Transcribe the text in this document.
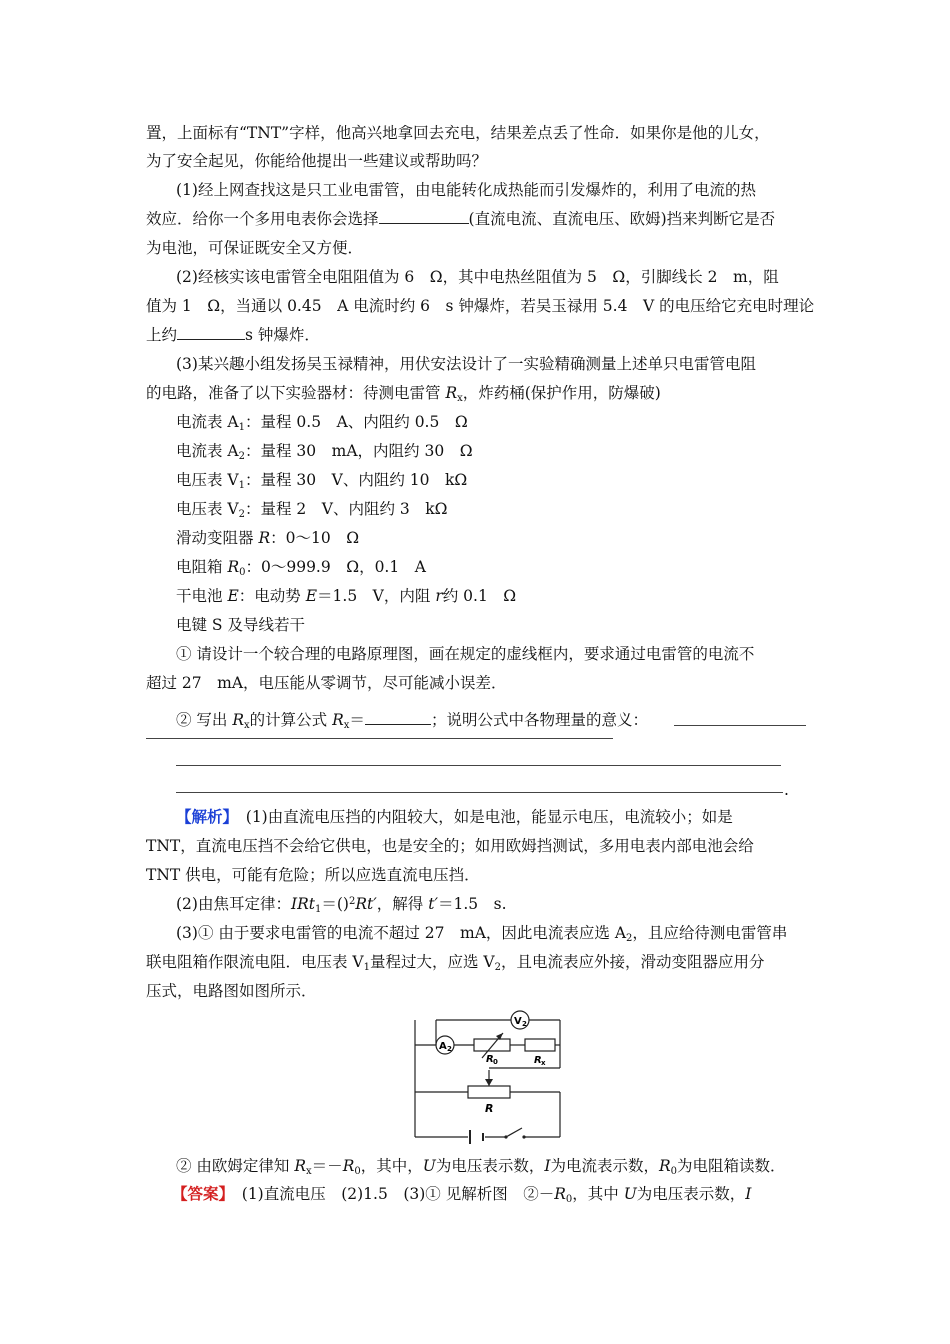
置，上面标有“TNT”字样，他高兴地拿回去充电，结果差点丢了性命．如果你是他的儿女，
为了安全起见，你能给他提出一些建议或帮助吗？
(1)经上网查找这是只工业电雷管，由电能转化成热能而引发爆炸的，利用了电流的热
效应．给你一个多用电表你会选择	(直流电流、直流电压、欧姆)挡来判断它是否
为电池，可保证既安全又方便．
(2)经核实该电雷管全电阻阻值为 6　Ω，其中电热丝阻值为 5　Ω，引脚线长 2　m，阻
值为 1　Ω，当通以 0.45　A 电流时约 6　s 钟爆炸，若吴玉禄用 5.4　V 的电压给它充电时理论
上约	s 钟爆炸．
(3)某兴趣小组发扬吴玉禄精神，用伏安法设计了一实验精确测量上述单只电雷管电阻
的电路，准备了以下实验器材：待测电雷管 $R_x$，炸药桶(保护作用，防爆破)
电流表 $A_1$：量程 0.5　A、内阻约 0.5　Ω
电流表 $A_2$：量程 30　mA，内阻约 30　Ω
电压表 $V_1$：量程 30　V、内阻约 10　kΩ
电压表 $V_2$：量程 2　V、内阻约 3　kΩ
滑动变阻器 R：0～10　Ω
电阻箱 $R_0$：0～999.9　Ω，0.1　A
干电池 E：电动势 E＝1.5　V，内阻 r约 0.1　Ω
电键 S 及导线若干
① 请设计一个较合理的电路原理图，画在规定的虚线框内，要求通过电雷管的电流不
超过 27　mA，电压能从零调节，尽可能减小误差．
② 写出 $R_x$的计算公式 $R_x=$	；说明公式中各物理量的意义：
.
【解析】　(1)由直流电压挡的内阻较大，如是电池，能显示电压，电流较小；如是
TNT，直流电压挡不会给它供电，也是安全的；如用欧姆挡测试，多用电表内部电池会给
TNT 供电，可能有危险；所以应选直流电压挡．
(2)由焦耳定律：IRt$_1$＝()$^2$Rt′，解得 t′＝1.5　s.
(3)① 由于要求电雷管的电流不超过 27　mA，因此电流表应选 $A_2$，且应给待测电雷管串
联电阻箱作限流电阻．电压表 $V_1$量程过大，应选 $V_2$，且电流表应外接，滑动变阻器应用分
压式，电路图如图所示．
A 2
V 2
R 0	R x
R
② 由欧姆定律知 $R_x=-R_0$，其中，U为电压表示数，I为电流表示数，$R_0$为电阻箱读数．
【答案】　(1)直流电压　(2)1.5　(3)① 见解析图　$②-R_0$，其中 U为电压表示数，I
